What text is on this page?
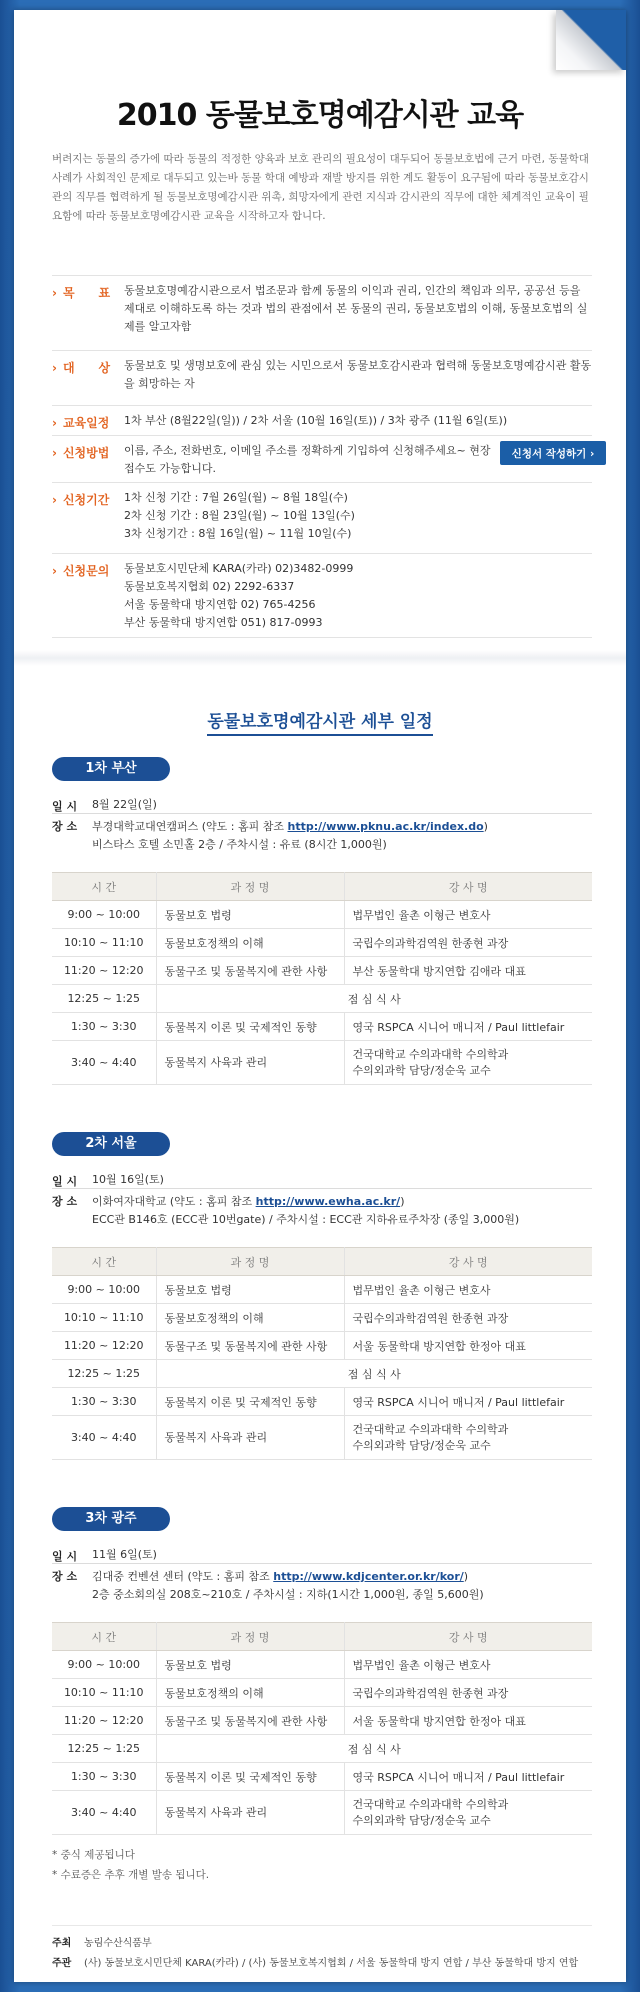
2010 동물보호명예감시관 교육
버려지는 동물의 증가에 따라 동물의 적정한 양육과 보호 관리의 필요성이 대두되어 동물보호법에 근거 마련, 동물학대 사례가 사회적인 문제로 대두되고 있는바 동물 학대 예방과 재발 방지를 위한 계도 활동이 요구됨에 따라 동물보호감시관의 직무를 협력하게 될 동물보호명예감시관 위촉, 희망자에게 관련 지식과 감시관의 직무에 대한 체계적인 교육이 필요함에 따라 동물보호명예감시관 교육을 시작하고자 합니다.
› 목　　표 동물보호명예감시관으로서 법조문과 함께 동물의 이익과 권리, 인간의 책임과 의무, 공공선 등을 제대로 이해하도록 하는 것과 법의 관점에서 본 동물의 권리, 동물보호법의 이해, 동물보호법의 실제를 알고자함
› 대　　상 동물보호 및 생명보호에 관심 있는 시민으로서 동물보호감시관과 협력해 동물보호명예감시관 활동을 희망하는 자
› 교육일정 1차 부산 (8월22일(일)) / 2차 서울 (10월 16일(토)) / 3차 광주 (11월 6일(토))
› 신청방법 이름, 주소, 전화번호, 이메일 주소를 정확하게 기입하여 신청해주세요~ 현장접수도 가능합니다.
신청서 작성하기 ›
› 신청기간 1차 신청 기간 : 7월 26일(월) ~ 8월 18일(수)
2차 신청 기간 : 8월 23일(월) ~ 10월 13일(수)
3차 신청기간 : 8월 16일(월) ~ 11월 10일(수)
› 신청문의 동물보호시민단체 KARA(카라) 02)3482-0999
동물보호복지협회 02) 2292-6337
서울 동물학대 방지연합 02) 765-4256
부산 동물학대 방지연합 051) 817-0993
동물보호명예감시관 세부 일정
1차 부산
일 시 8월 22일(일)
장 소 부경대학교대연캠퍼스 (약도 : 홈피 참조 http://www.pknu.ac.kr/index.do)
비스타스 호텔 소민홀 2층 / 주차시설 : 유료 (8시간 1,000원)
시 간	과 정 명	강 사 명
9:00 ~ 10:00	동물보호 법령	법무법인 율촌 이형근 변호사
10:10 ~ 11:10	동물보호정책의 이해	국립수의과학검역원 한종현 과장
11:20 ~ 12:20	동물구조 및 동물복지에 관한 사항	부산 동물학대 방지연합 김애라 대표
12:25 ~ 1:25	점 심 식 사	
1:30 ~ 3:30	동물복지 이론 및 국제적인 동향	영국 RSPCA 시니어 매니저 / Paul littlefair
3:40 ~ 4:40	동물복지 사육과 관리	건국대학교 수의과대학 수의학과
수의외과학 담당/정순욱 교수
2차 서울
일 시 10월 16일(토)
장 소 이화여자대학교 (약도 : 홈피 참조 http://www.ewha.ac.kr/)
ECC관 B146호 (ECC관 10번gate) / 주차시설 : ECC관 지하유료주차장 (종일 3,000원)
시 간	과 정 명	강 사 명
9:00 ~ 10:00	동물보호 법령	법무법인 율촌 이형근 변호사
10:10 ~ 11:10	동물보호정책의 이해	국립수의과학검역원 한종현 과장
11:20 ~ 12:20	동물구조 및 동물복지에 관한 사항	서울 동물학대 방지연합 한정아 대표
12:25 ~ 1:25	점 심 식 사	
1:30 ~ 3:30	동물복지 이론 및 국제적인 동향	영국 RSPCA 시니어 매니저 / Paul littlefair
3:40 ~ 4:40	동물복지 사육과 관리	건국대학교 수의과대학 수의학과
수의외과학 담당/정순욱 교수
3차 광주
일 시 11월 6일(토)
장 소 김대중 컨벤션 센터 (약도 : 홈피 참조 http://www.kdjcenter.or.kr/kor/)
2층 중소회의실 208호~210호 / 주차시설 : 지하(1시간 1,000원, 종일 5,600원)
시 간	과 정 명	강 사 명
9:00 ~ 10:00	동물보호 법령	법무법인 율촌 이형근 변호사
10:10 ~ 11:10	동물보호정책의 이해	국립수의과학검역원 한종현 과장
11:20 ~ 12:20	동물구조 및 동물복지에 관한 사항	서울 동물학대 방지연합 한정아 대표
12:25 ~ 1:25	점 심 식 사	
1:30 ~ 3:30	동물복지 이론 및 국제적인 동향	영국 RSPCA 시니어 매니저 / Paul littlefair
3:40 ~ 4:40	동물복지 사육과 관리	건국대학교 수의과대학 수의학과
수의외과학 담당/정순욱 교수
* 중식 제공됩니다
* 수료증은 추후 개별 발송 됩니다.
주최 농림수산식품부
주관 (사) 동물보호시민단체 KARA(카라) / (사) 동물보호복지협회 / 서울 동물학대 방지 연합 / 부산 동물학대 방지 연합
